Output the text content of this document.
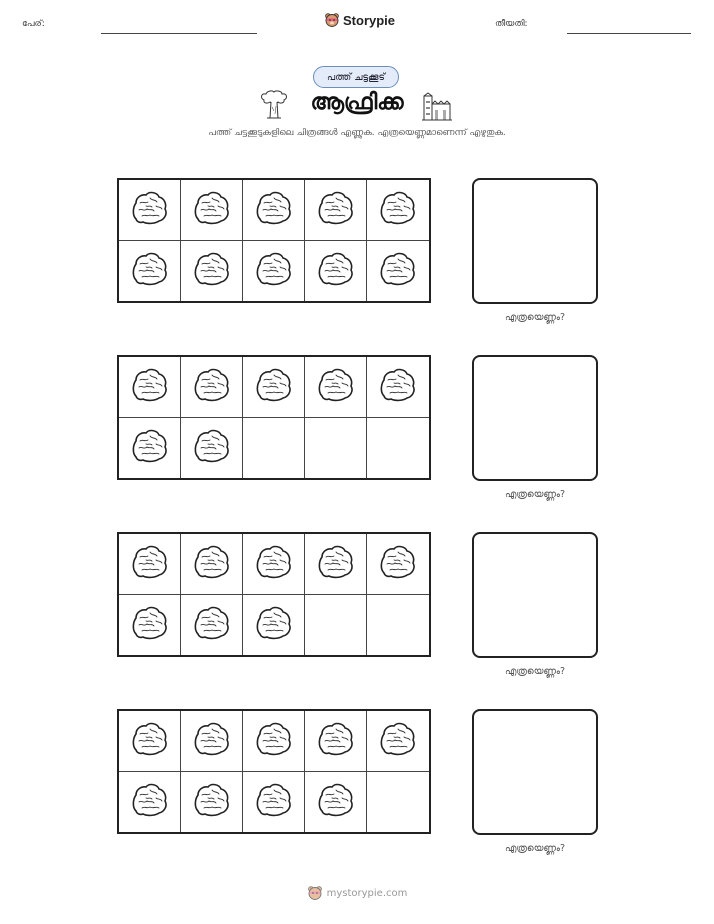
പേര്:	Storypie	തീയതി:
പത്ത് ചട്ടക്കൂട്
ആഫ്രിക്ക
പത്ത് ചട്ടക്കൂടുകളിലെ ചിത്രങ്ങൾ എണ്ണുക. എത്രയെണ്ണമാണെന്ന് എഴുതുക.
എത്രയെണ്ണം?
എത്രയെണ്ണം?
എത്രയെണ്ണം?
എത്രയെണ്ണം?
mystorypie.com
